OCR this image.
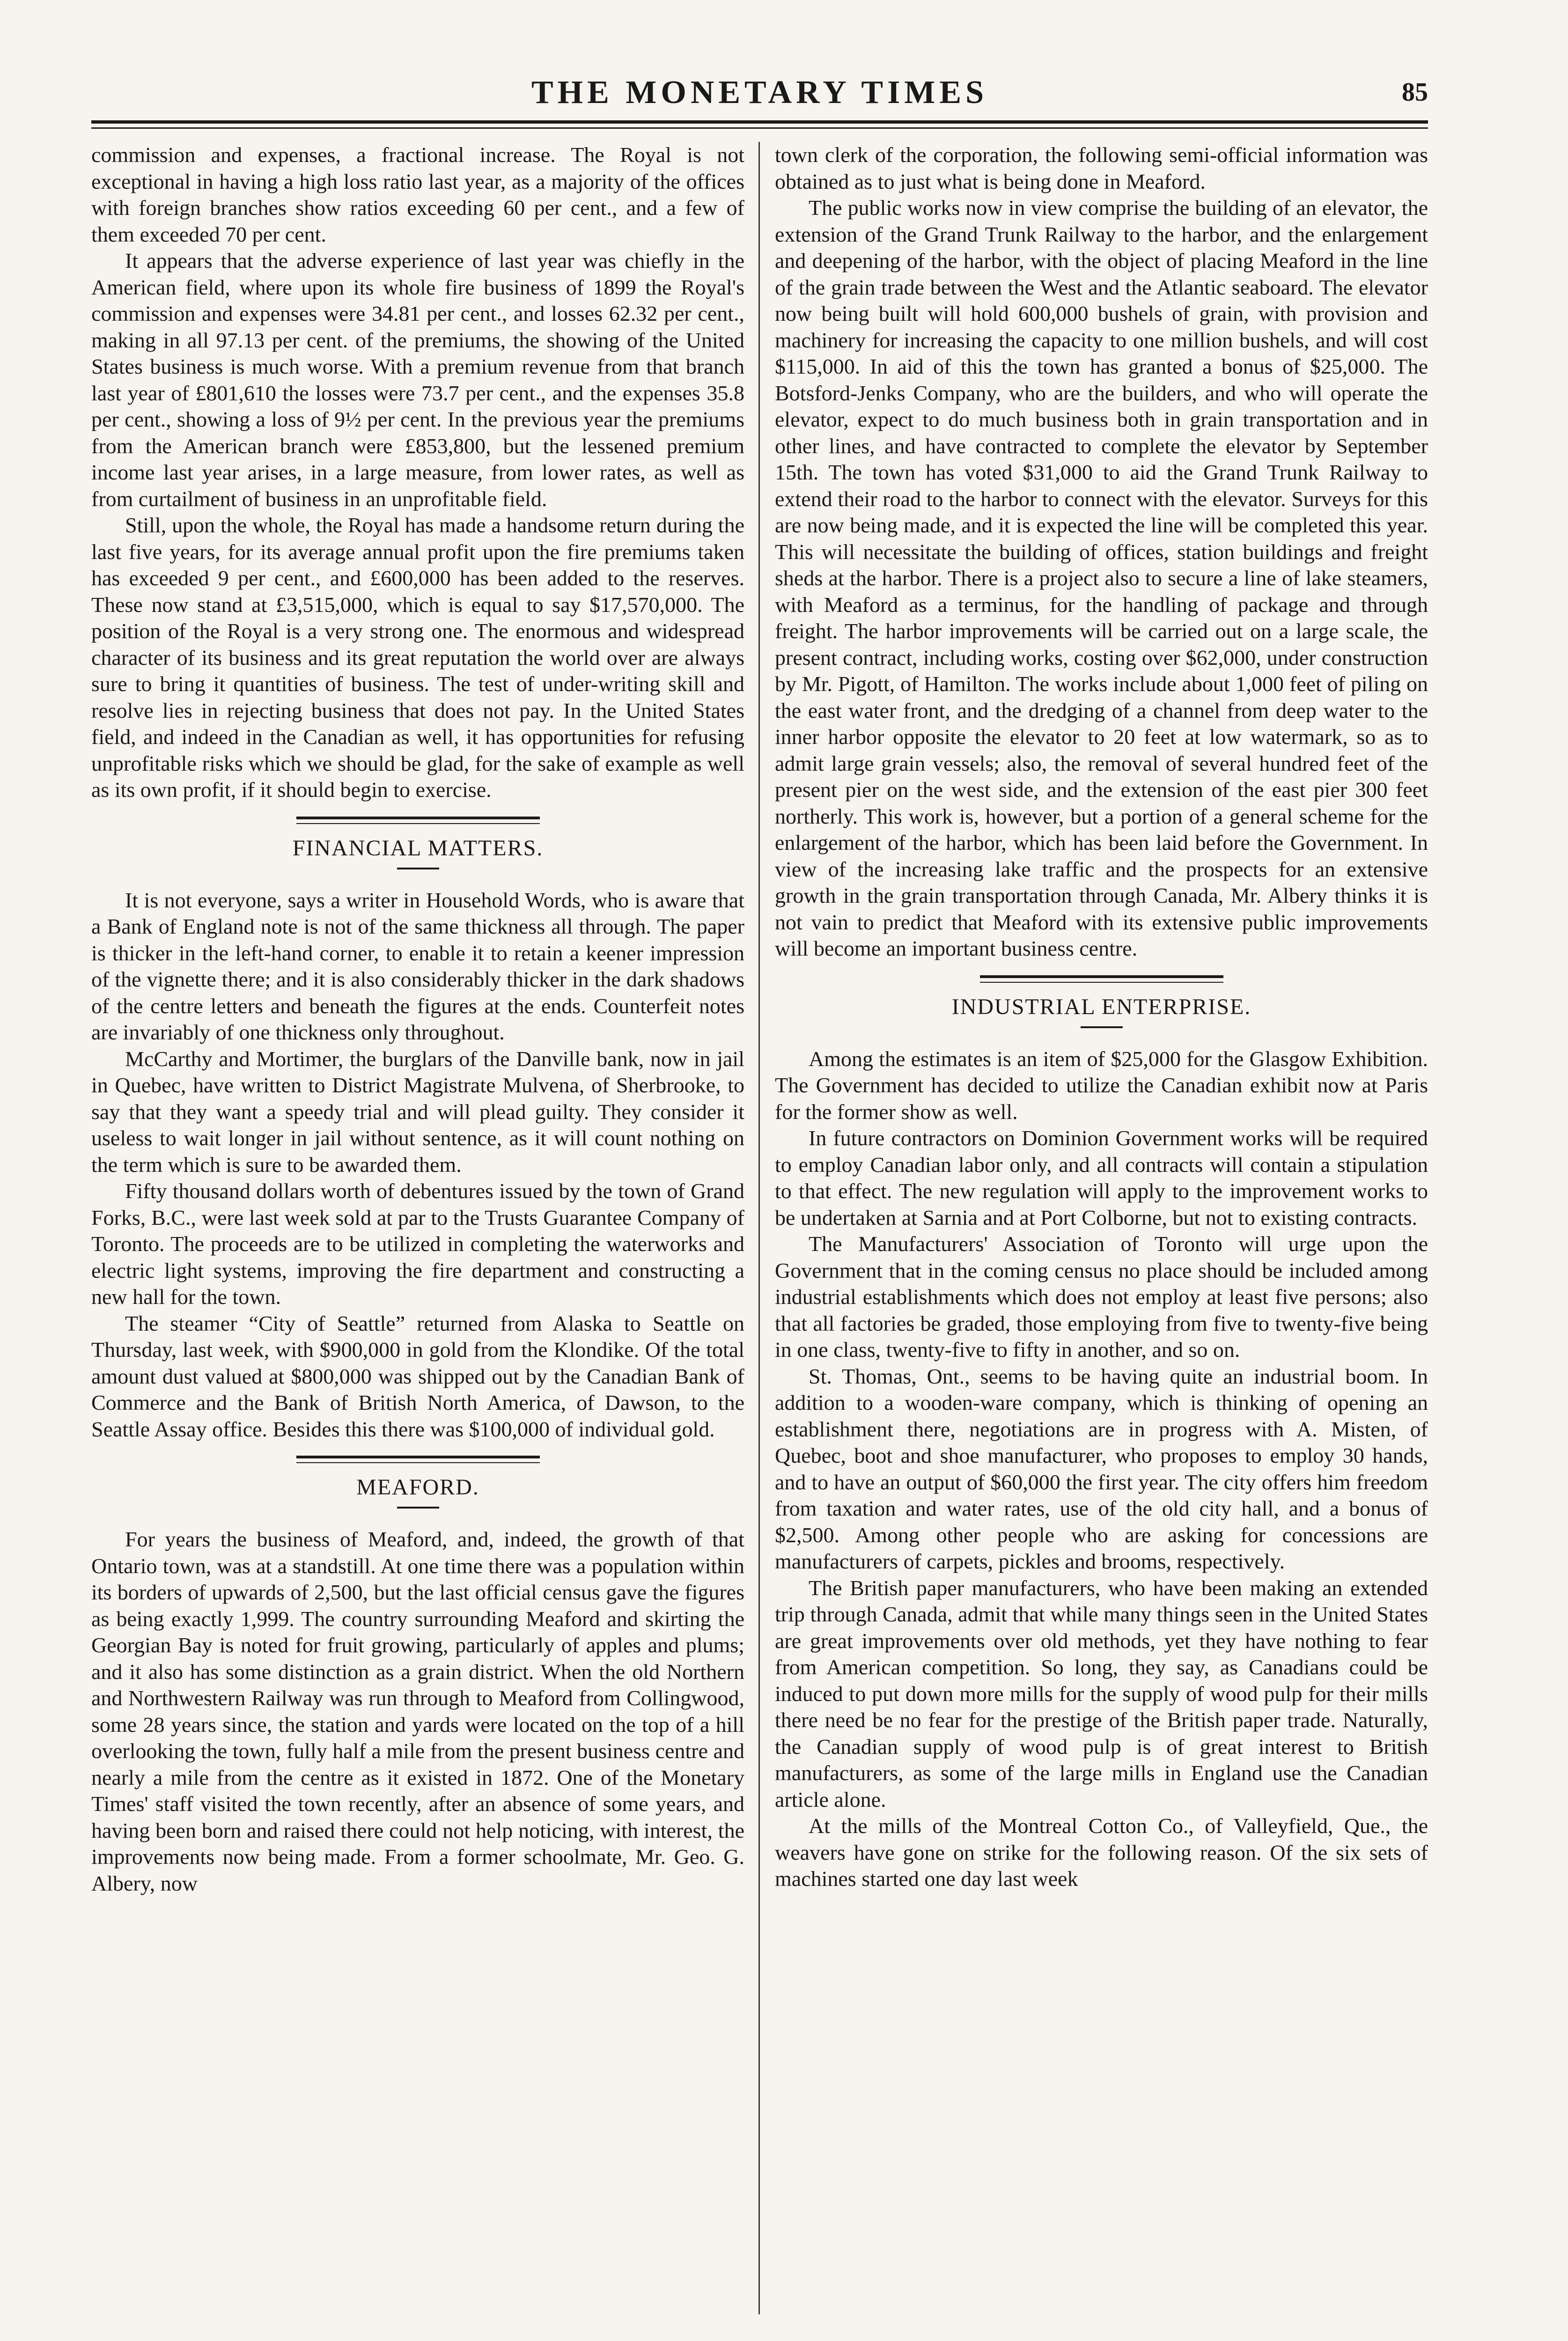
THE MONETARY TIMES	85

commission and expenses, a fractional increase. The Royal is not exceptional in having a high loss ratio last year, as a majority of the offices with foreign branches show ratios exceeding 60 per cent., and a few of them exceeded 70 per cent.

It appears that the adverse experience of last year was chiefly in the American field, where upon its whole fire business of 1899 the Royal's commission and expenses were 34.81 per cent., and losses 62.32 per cent., making in all 97.13 per cent. of the premiums, the showing of the United States business is much worse. With a premium revenue from that branch last year of £801,610 the losses were 73.7 per cent., and the expenses 35.8 per cent., showing a loss of 9½ per cent. In the previous year the premiums from the American branch were £853,800, but the lessened premium income last year arises, in a large measure, from lower rates, as well as from curtailment of business in an unprofitable field.

Still, upon the whole, the Royal has made a handsome return during the last five years, for its average annual profit upon the fire premiums taken has exceeded 9 per cent., and £600,000 has been added to the reserves. These now stand at £3,515,000, which is equal to say $17,570,000. The position of the Royal is a very strong one. The enormous and widespread character of its business and its great reputation the world over are always sure to bring it quantities of business. The test of under-writing skill and resolve lies in rejecting business that does not pay. In the United States field, and indeed in the Canadian as well, it has opportunities for refusing unprofitable risks which we should be glad, for the sake of example as well as its own profit, if it should begin to exercise.

FINANCIAL MATTERS.

It is not everyone, says a writer in Household Words, who is aware that a Bank of England note is not of the same thickness all through. The paper is thicker in the left-hand corner, to enable it to retain a keener impression of the vignette there; and it is also considerably thicker in the dark shadows of the centre letters and beneath the figures at the ends. Counterfeit notes are invariably of one thickness only throughout.

McCarthy and Mortimer, the burglars of the Danville bank, now in jail in Quebec, have written to District Magistrate Mulvena, of Sherbrooke, to say that they want a speedy trial and will plead guilty. They consider it useless to wait longer in jail without sentence, as it will count nothing on the term which is sure to be awarded them.

Fifty thousand dollars worth of debentures issued by the town of Grand Forks, B.C., were last week sold at par to the Trusts Guarantee Company of Toronto. The proceeds are to be utilized in completing the waterworks and electric light systems, improving the fire department and constructing a new hall for the town.

The steamer “City of Seattle” returned from Alaska to Seattle on Thursday, last week, with $900,000 in gold from the Klondike. Of the total amount dust valued at $800,000 was shipped out by the Canadian Bank of Commerce and the Bank of British North America, of Dawson, to the Seattle Assay office. Besides this there was $100,000 of individual gold.

MEAFORD.

For years the business of Meaford, and, indeed, the growth of that Ontario town, was at a standstill. At one time there was a population within its borders of upwards of 2,500, but the last official census gave the figures as being exactly 1,999. The country surrounding Meaford and skirting the Georgian Bay is noted for fruit growing, particularly of apples and plums; and it also has some distinction as a grain district. When the old Northern and Northwestern Railway was run through to Meaford from Collingwood, some 28 years since, the station and yards were located on the top of a hill overlooking the town, fully half a mile from the present business centre and nearly a mile from the centre as it existed in 1872. One of the Monetary Times' staff visited the town recently, after an absence of some years, and having been born and raised there could not help noticing, with interest, the improvements now being made. From a former schoolmate, Mr. Geo. G. Albery, now

town clerk of the corporation, the following semi-official information was obtained as to just what is being done in Meaford.

The public works now in view comprise the building of an elevator, the extension of the Grand Trunk Railway to the harbor, and the enlargement and deepening of the harbor, with the object of placing Meaford in the line of the grain trade between the West and the Atlantic seaboard. The elevator now being built will hold 600,000 bushels of grain, with provision and machinery for increasing the capacity to one million bushels, and will cost $115,000. In aid of this the town has granted a bonus of $25,000. The Botsford-Jenks Company, who are the builders, and who will operate the elevator, expect to do much business both in grain transportation and in other lines, and have contracted to complete the elevator by September 15th. The town has voted $31,000 to aid the Grand Trunk Railway to extend their road to the harbor to connect with the elevator. Surveys for this are now being made, and it is expected the line will be completed this year. This will necessitate the building of offices, station buildings and freight sheds at the harbor. There is a project also to secure a line of lake steamers, with Meaford as a terminus, for the handling of package and through freight. The harbor improvements will be carried out on a large scale, the present contract, including works, costing over $62,000, under construction by Mr. Pigott, of Hamilton. The works include about 1,000 feet of piling on the east water front, and the dredging of a channel from deep water to the inner harbor opposite the elevator to 20 feet at low watermark, so as to admit large grain vessels; also, the removal of several hundred feet of the present pier on the west side, and the extension of the east pier 300 feet northerly. This work is, however, but a portion of a general scheme for the enlargement of the harbor, which has been laid before the Government. In view of the increasing lake traffic and the prospects for an extensive growth in the grain transportation through Canada, Mr. Albery thinks it is not vain to predict that Meaford with its extensive public improvements will become an important business centre.

INDUSTRIAL ENTERPRISE.

Among the estimates is an item of $25,000 for the Glasgow Exhibition. The Government has decided to utilize the Canadian exhibit now at Paris for the former show as well.

In future contractors on Dominion Government works will be required to employ Canadian labor only, and all contracts will contain a stipulation to that effect. The new regulation will apply to the improvement works to be undertaken at Sarnia and at Port Colborne, but not to existing contracts.

The Manufacturers' Association of Toronto will urge upon the Government that in the coming census no place should be included among industrial establishments which does not employ at least five persons; also that all factories be graded, those employing from five to twenty-five being in one class, twenty-five to fifty in another, and so on.

St. Thomas, Ont., seems to be having quite an industrial boom. In addition to a wooden-ware company, which is thinking of opening an establishment there, negotiations are in progress with A. Misten, of Quebec, boot and shoe manufacturer, who proposes to employ 30 hands, and to have an output of $60,000 the first year. The city offers him freedom from taxation and water rates, use of the old city hall, and a bonus of $2,500. Among other people who are asking for concessions are manufacturers of carpets, pickles and brooms, respectively.

The British paper manufacturers, who have been making an extended trip through Canada, admit that while many things seen in the United States are great improvements over old methods, yet they have nothing to fear from American competition. So long, they say, as Canadians could be induced to put down more mills for the supply of wood pulp for their mills there need be no fear for the prestige of the British paper trade. Naturally, the Canadian supply of wood pulp is of great interest to British manufacturers, as some of the large mills in England use the Canadian article alone.

At the mills of the Montreal Cotton Co., of Valleyfield, Que., the weavers have gone on strike for the following reason. Of the six sets of machines started one day last week
